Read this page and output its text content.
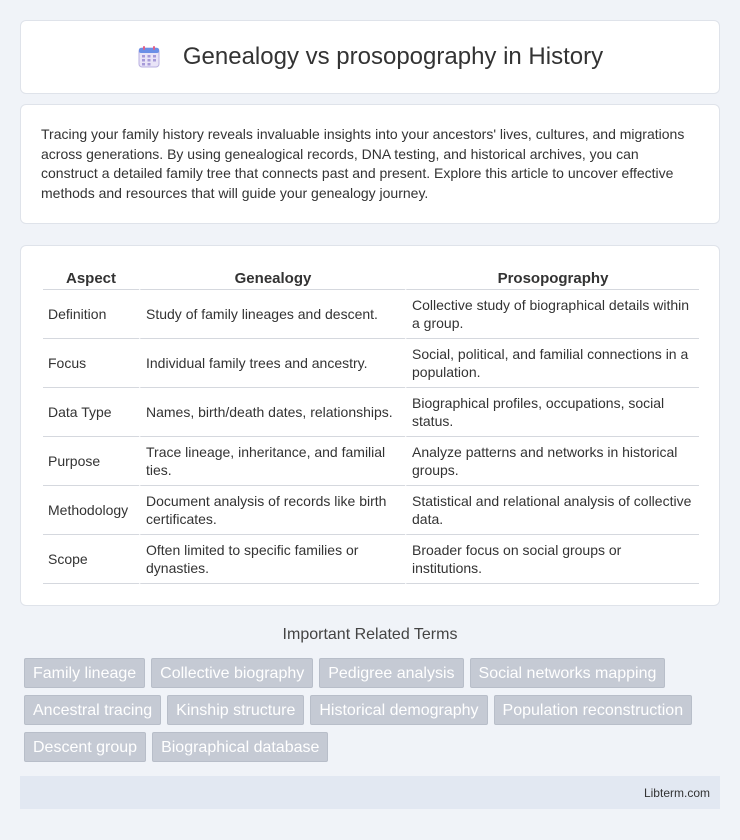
Genealogy vs prosopography in History

Tracing your family history reveals invaluable insights into your ancestors' lives, cultures, and migrations across generations. By using genealogical records, DNA testing, and historical archives, you can construct a detailed family tree that connects past and present. Explore this article to uncover effective methods and resources that will guide your genealogy journey.

Aspect	Genealogy	Prosopography
Definition	Study of family lineages and descent.	Collective study of biographical details within a group.
Focus	Individual family trees and ancestry.	Social, political, and familial connections in a population.
Data Type	Names, birth/death dates, relationships.	Biographical profiles, occupations, social status.
Purpose	Trace lineage, inheritance, and familial ties.	Analyze patterns and networks in historical groups.
Methodology	Document analysis of records like birth certificates.	Statistical and relational analysis of collective data.
Scope	Often limited to specific families or dynasties.	Broader focus on social groups or institutions.
Important Related Terms
Family lineage	Collective biography	Pedigree analysis	Social networks mapping
Ancestral tracing	Kinship structure	Historical demography	Population reconstruction
Descent group	Biographical database
Libterm.com
